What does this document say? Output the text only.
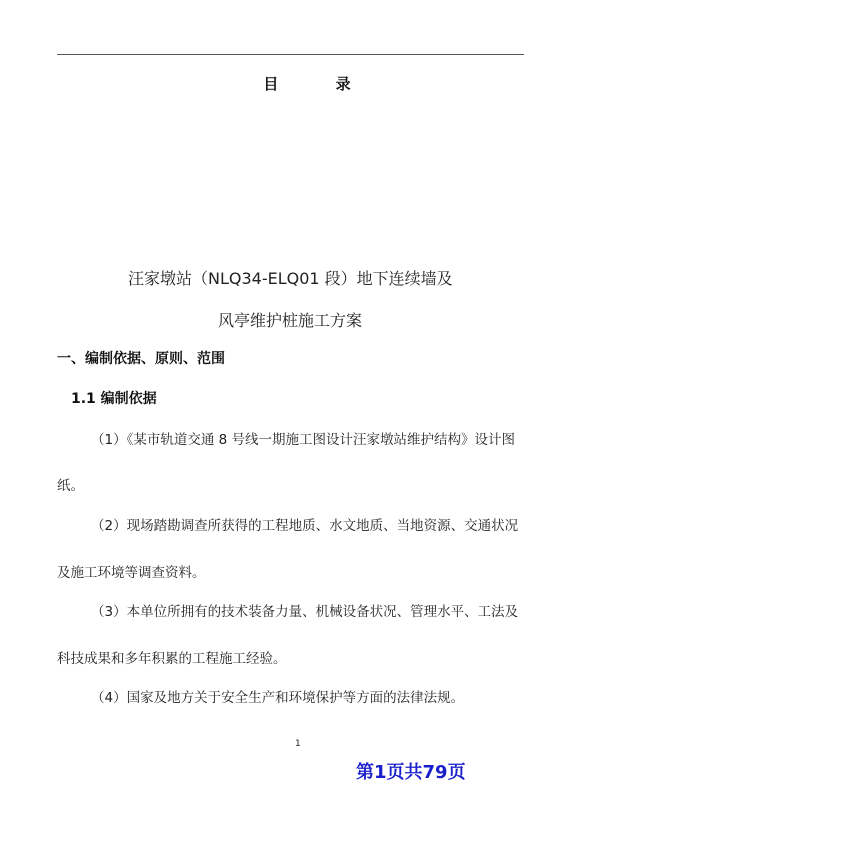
目 录
汪家墩站（NLQ34-ELQ01 段）地下连续墙及
风亭维护桩施工方案
一、编制依据、原则、范围
1.1 编制依据
（1）《某市轨道交通 8 号线一期施工图设计汪家墩站维护结构》设计图
纸。
（2）现场踏勘调查所获得的工程地质、水文地质、当地资源、交通状况
及施工环境等调查资料。
（3）本单位所拥有的技术装备力量、机械设备状况、管理水平、工法及
科技成果和多年积累的工程施工经验。
（4）国家及地方关于安全生产和环境保护等方面的法律法规。
1
第1页共79页
